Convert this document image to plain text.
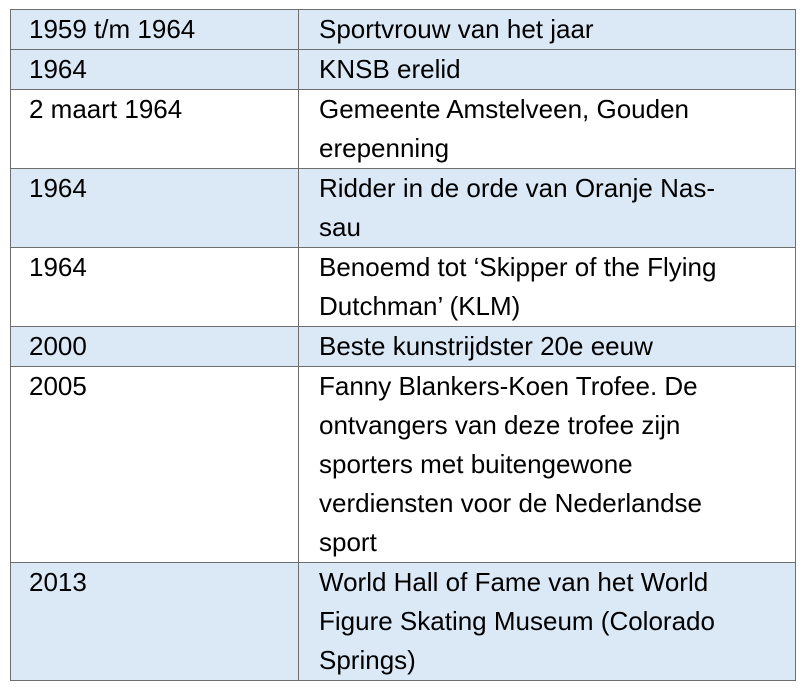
1959 t/m 1964	Sportvrouw van het jaar
1964	KNSB erelid
2 maart 1964	Gemeente Amstelveen, Gouden
erepenning
1964	Ridder in de orde van Oranje Nas-
sau
1964	Benoemd tot ‘Skipper of the Flying
Dutchman’ (KLM)
2000	Beste kunstrijdster 20e eeuw
2005	Fanny Blankers-Koen Trofee. De
ontvangers van deze trofee zijn
sporters met buitengewone
verdiensten voor de Nederlandse
sport
2013	World Hall of Fame van het World
Figure Skating Museum (Colorado
Springs)
